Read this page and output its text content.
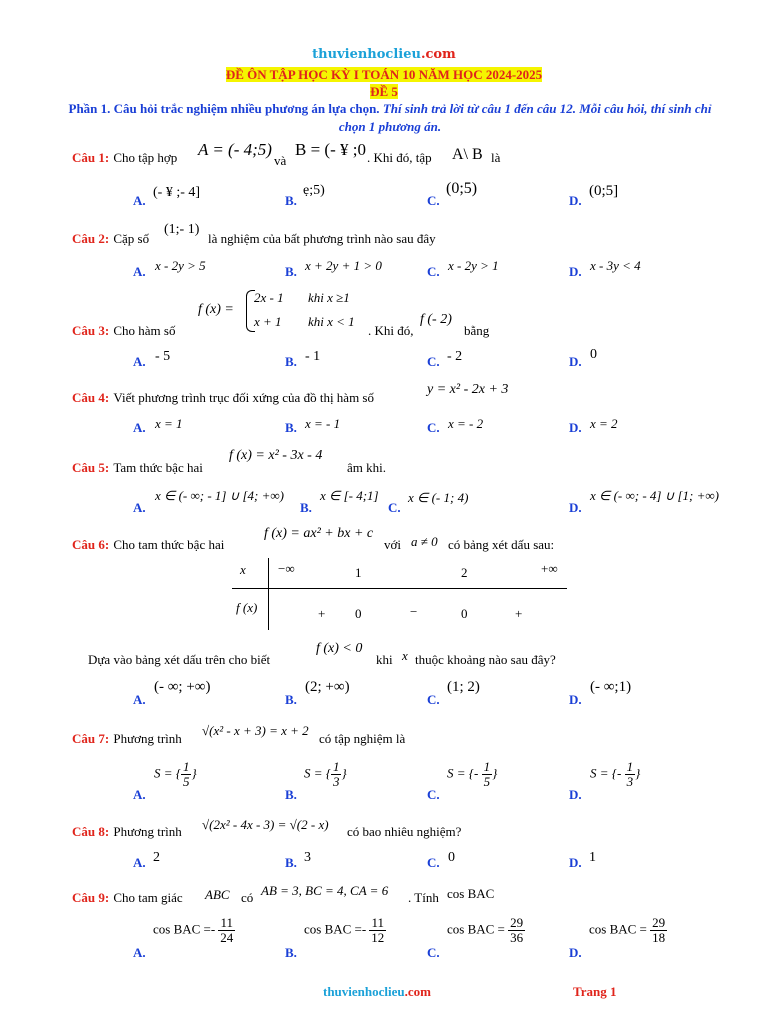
thuvienhoclieu.com
ĐỀ ÔN TẬP HỌC KỲ I TOÁN 10 NĂM HỌC 2024-2025
ĐỀ 5
Phần 1. Câu hỏi trắc nghiệm nhiều phương án lựa chọn. Thí sinh trả lời từ câu 1 đến câu 12. Mỗi câu hỏi, thí sinh chỉ chọn 1 phương án.
Câu 1: Cho tập hợp A = (- 4;5)
và
B = (- ¥ ;0 . Khi đó, tập A\ B là
A.
(- ¥ ;- 4]
B.
ẹ;5)
C.
(0;5)
D.
(0;5]
Câu 2: Cặp số
(1;- 1)
là nghiệm của bất phương trình nào sau đây
A. x - 2y > 5	B. x + 2y + 1 > 0	C. x - 2y > 1	D. x - 3y < 4
Câu 3: Cho hàm số
f (x) =
2x - 1 khi x ≥1
x + 1 khi x < 1
. Khi đó,
f (- 2)
bằng
A. - 5	B. - 1	C. - 2	D. 0
Câu 4: Viết phương trình trục đối xứng của đồ thị hàm số
y = x² - 2x + 3
A. x = 1	B. x = - 1	C. x = - 2	D. x = 2
Câu 5: Tam thức bậc hai
f (x) = x² - 3x - 4
âm khi.
A.
x ∈ (- ∞; - 1] ∪ [4; +∞)
B.
x ∈ [- 4;1]
C.
x ∈ (- 1; 4)
D.
x ∈ (- ∞; - 4] ∪ [1; +∞)
Câu 6: Cho tam thức bậc hai
f (x) = ax² + bx + c
với a ≠ 0 có bảng xét dấu sau:
x −∞	1	2	+∞
f (x)	+ 0	−	0	+
Dựa vào bảng xét dấu trên cho biết
f (x) < 0
khi x thuộc khoảng nào sau đây?
A.
(- ∞; +∞)
B.
(2; +∞)
C.
(1; 2)
D.
(- ∞;1)
Câu 7: Phương trình
√(x² - x + 3) = x + 2
có tập nghiệm là
A.
S = { $\frac{1}{5}$ }
B.
S = { $\frac{1}{3}$ }
C.
S = {- $\frac{1}{5}$ }
D.
S = {- $\frac{1}{3}$ }
Câu 8: Phương trình √(2x² - 4x - 3) = √(2 - x) có bao nhiêu nghiệm?
A. 2	B. 3	C. 0	D. 1
Câu 9: Cho tam giác ABC có AB = 3, BC = 4, CA = 6 . Tính cos BAC
A.
cos BAC =- $\frac{11}{24}$
B.
cos BAC =- $\frac{11}{12}$
C.
cos BAC = $\frac{29}{36}$
D.
cos BAC = $\frac{29}{18}$
thuvienhoclieu.com	Trang 1
